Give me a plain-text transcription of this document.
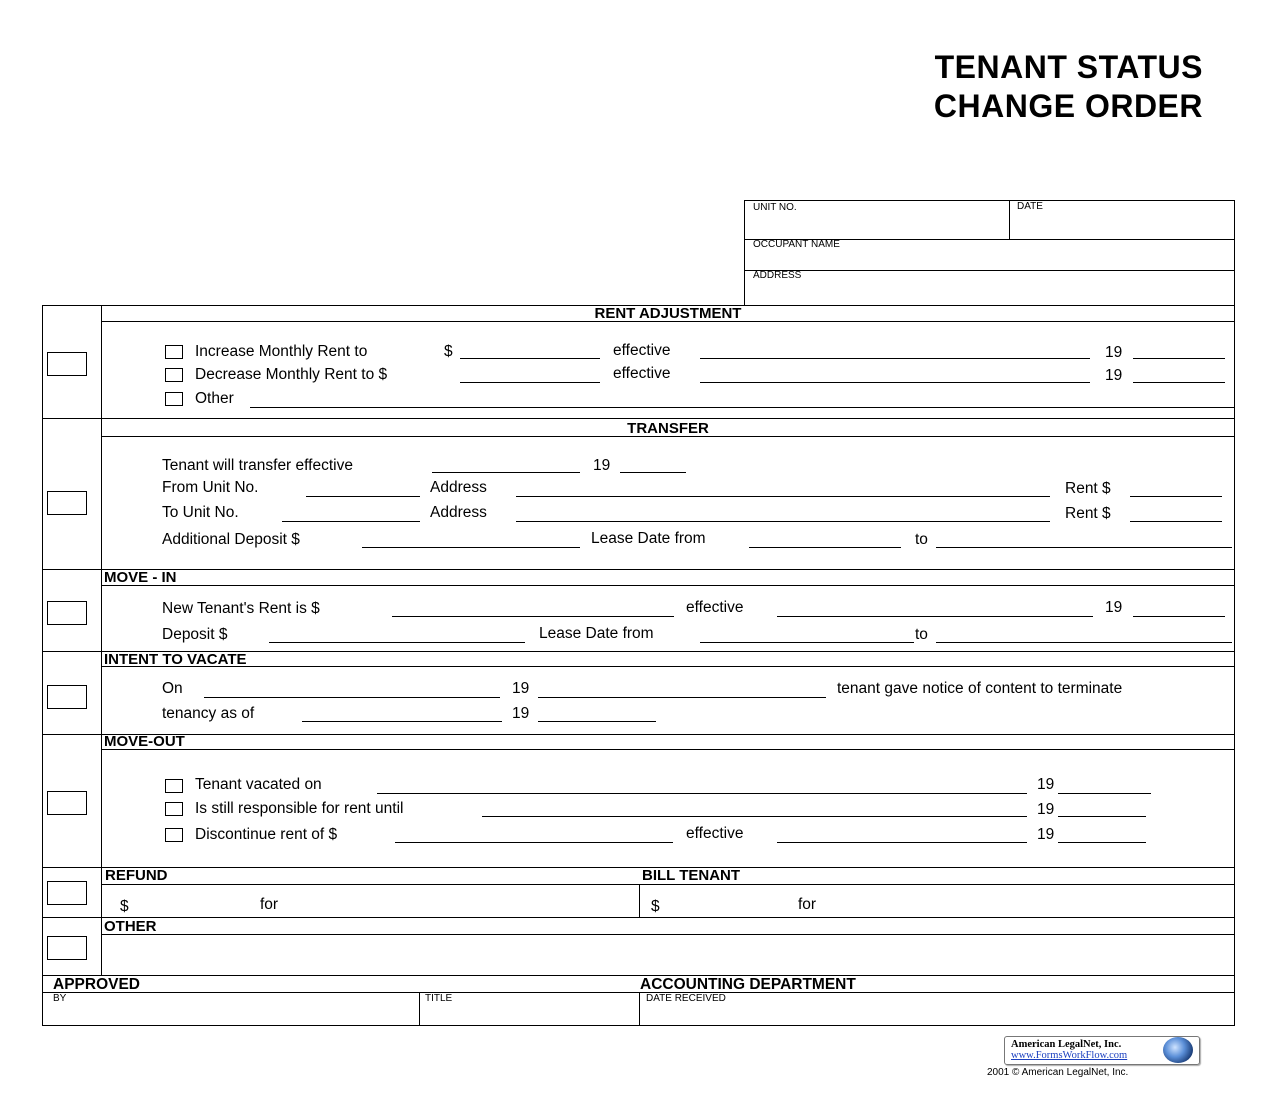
TENANT STATUS
CHANGE ORDER
UNIT NO.	DATE
OCCUPANT NAME
ADDRESS
RENT ADJUSTMENT
Increase Monthly Rent to	$	effective	19
Decrease Monthly Rent to $	effective	19
Other
TRANSFER
Tenant will transfer effective	19
From Unit No.	Address	Rent $
To Unit No.	Address	Rent $
Additional Deposit $	Lease Date from	to
MOVE - IN
New Tenant's Rent is $	effective	19
Deposit $	Lease Date from	to
INTENT TO VACATE
On	19	tenant gave notice of content to terminate
tenancy as of	19
MOVE-OUT
Tenant vacated on	19
Is still responsible for rent until	19
Discontinue rent of $	effective	19
REFUND	BILL TENANT
$	for	$	for
OTHER
APPROVED	ACCOUNTING DEPARTMENT
BY	TITLE	DATE RECEIVED
American LegalNet, Inc.
www.FormsWorkFlow.com
2001 © American LegalNet, Inc.
